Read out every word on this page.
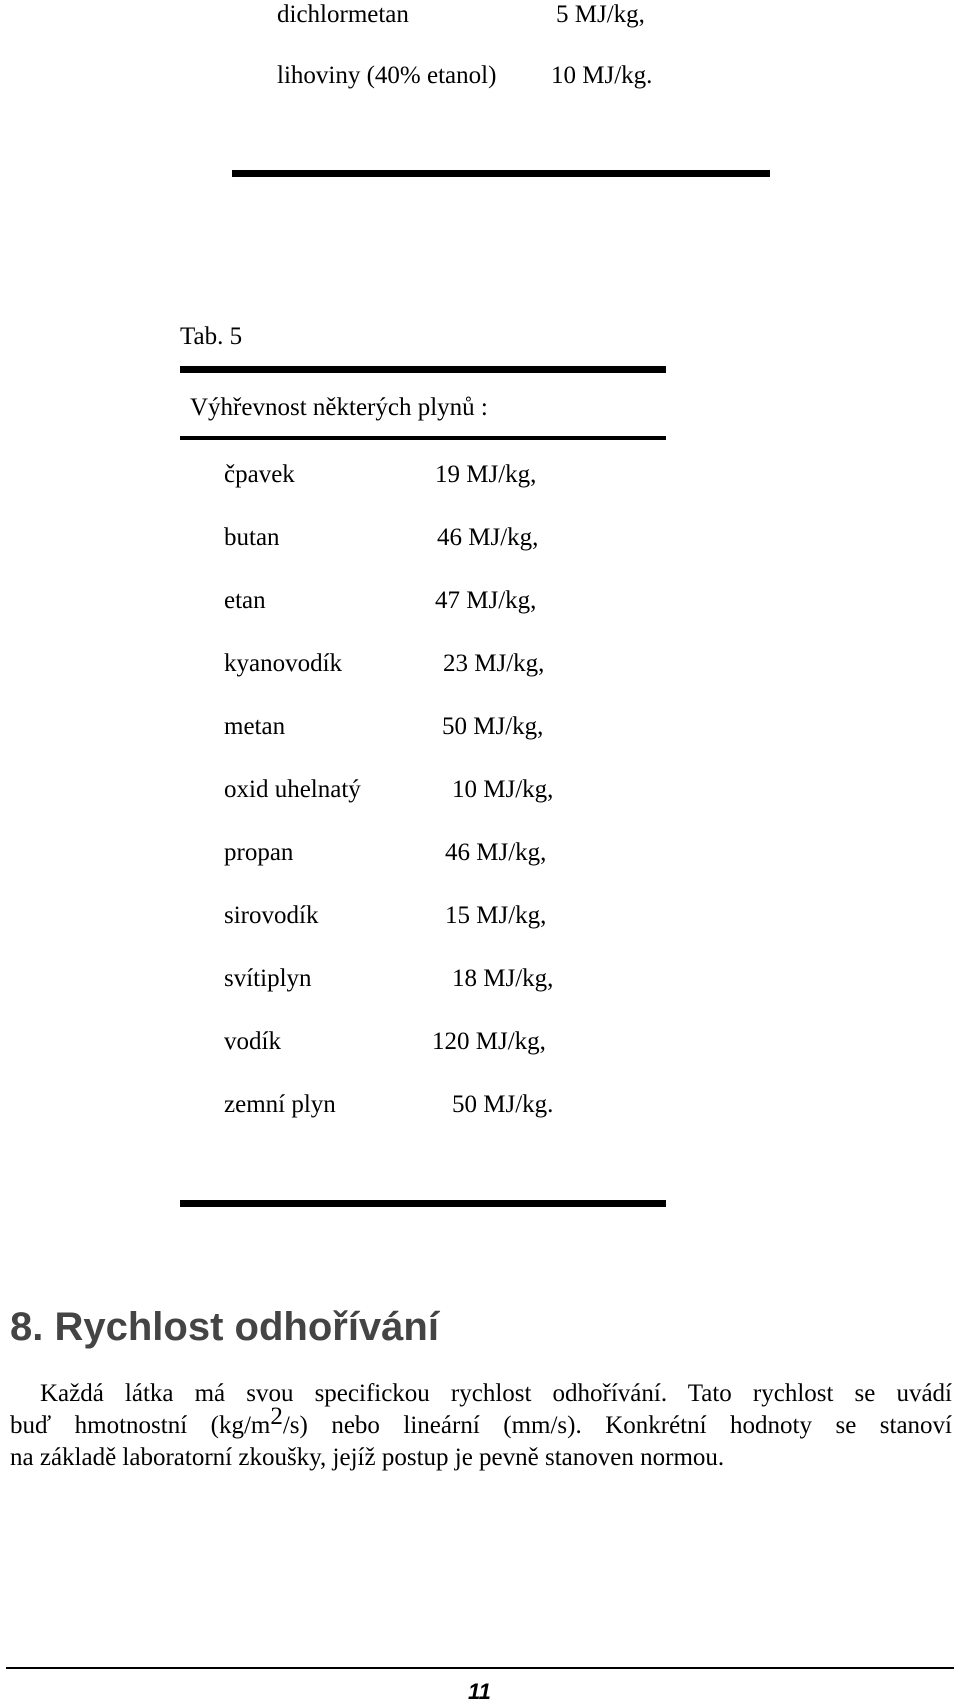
dichlormetan	5 MJ/kg,
lihoviny (40% etanol) 10 MJ/kg.
Tab. 5
Výhřevnost některých plynů :
čpavek	19 MJ/kg,
butan	46 MJ/kg,
etan	47 MJ/kg,
kyanovodík	23 MJ/kg,
metan	50 MJ/kg,
oxid uhelnatý	10 MJ/kg,
propan	46 MJ/kg,
sirovodík	15 MJ/kg,
svítiplyn	18 MJ/kg,
vodík	120 MJ/kg,
zemní plyn	50 MJ/kg.
8. Rychlost odhořívání
Každá látka má svou specifickou rychlost odhořívání. Tato rychlost se uvádí
buď hmotnostní $(kg/m^2/s)$ nebo lineární (mm/s). Konkrétní hodnoty se stanoví
na základě laboratorní zkoušky, jejíž postup je pevně stanoven normou.
11
